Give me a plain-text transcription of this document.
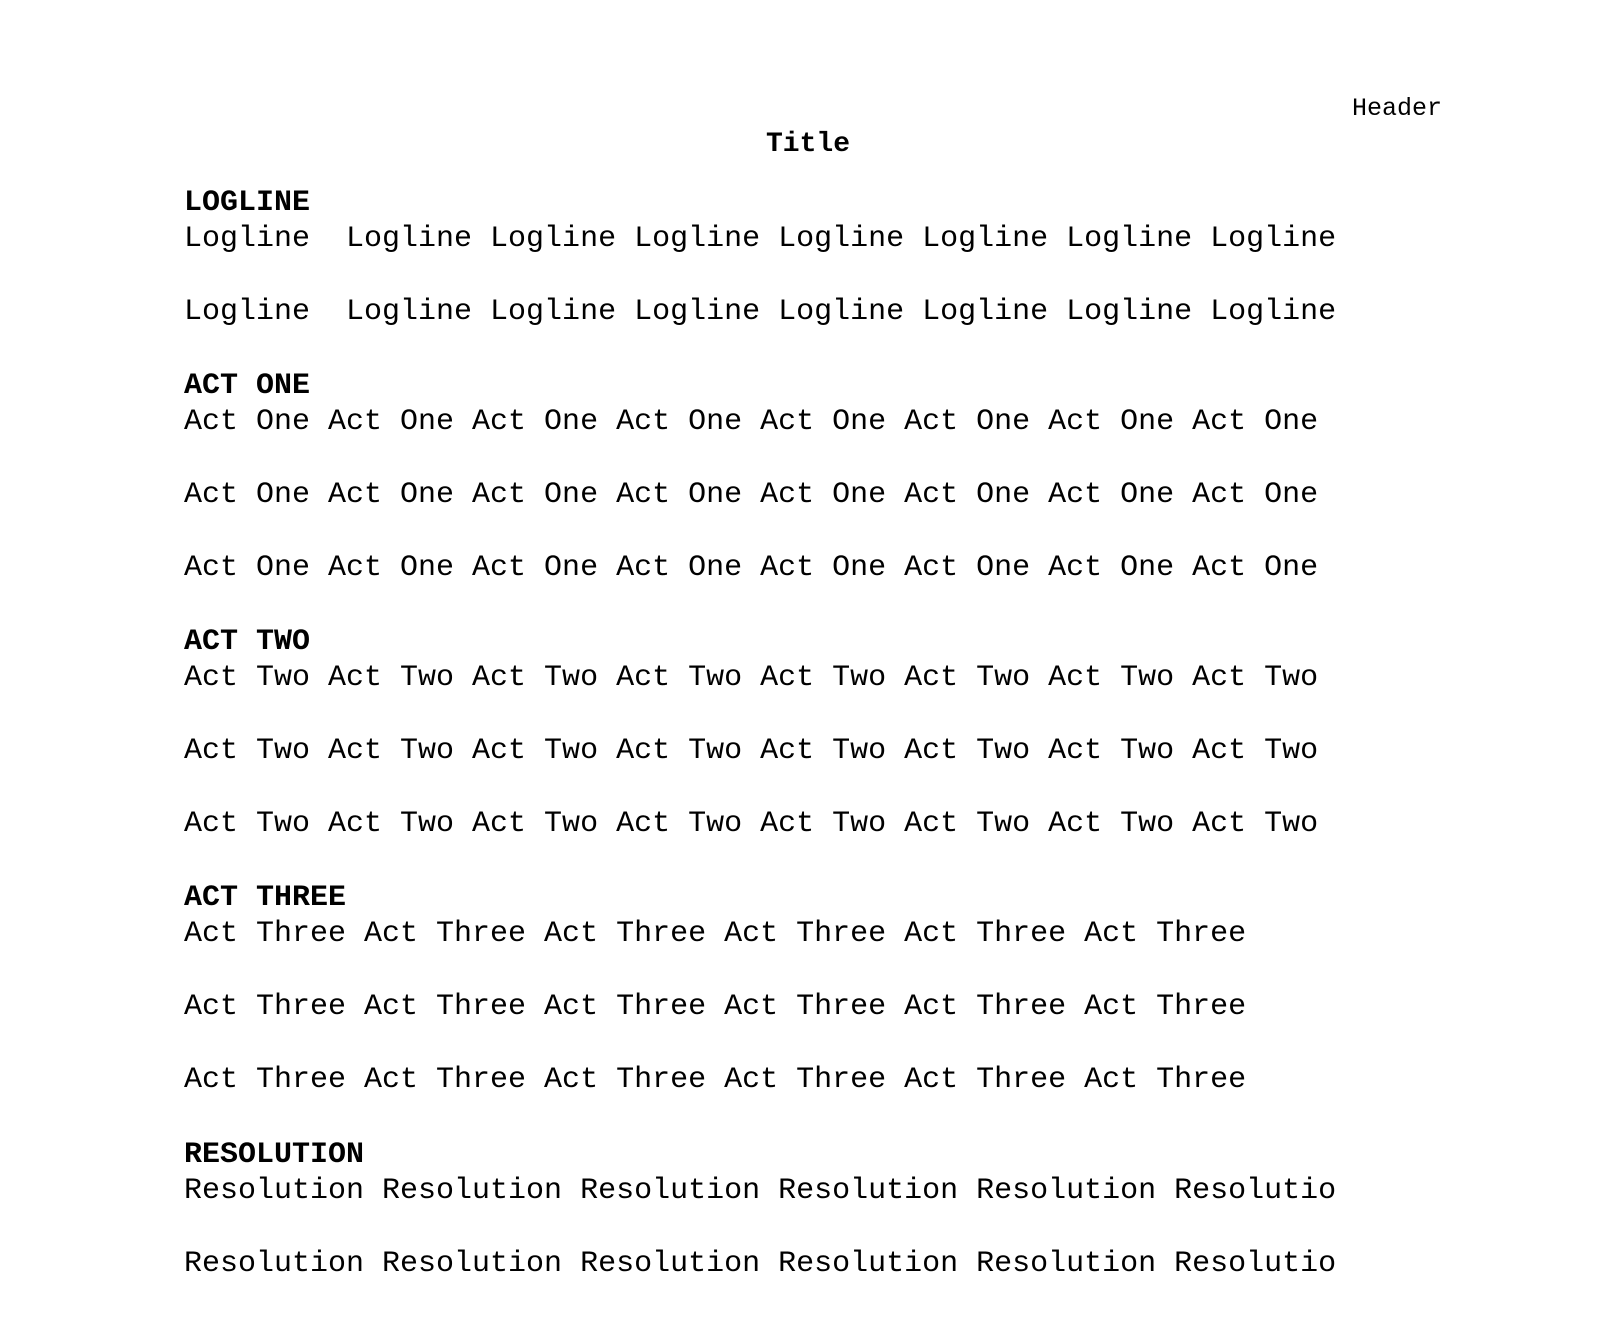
Header
Title
LOGLINE
Logline  Logline Logline Logline Logline Logline Logline Logline
Logline  Logline Logline Logline Logline Logline Logline Logline
ACT ONE
Act One Act One Act One Act One Act One Act One Act One Act One
Act One Act One Act One Act One Act One Act One Act One Act One
Act One Act One Act One Act One Act One Act One Act One Act One
ACT TWO
Act Two Act Two Act Two Act Two Act Two Act Two Act Two Act Two
Act Two Act Two Act Two Act Two Act Two Act Two Act Two Act Two
Act Two Act Two Act Two Act Two Act Two Act Two Act Two Act Two
ACT THREE
Act Three Act Three Act Three Act Three Act Three Act Three
Act Three Act Three Act Three Act Three Act Three Act Three
Act Three Act Three Act Three Act Three Act Three Act Three
RESOLUTION
Resolution Resolution Resolution Resolution Resolution Resolutio
Resolution Resolution Resolution Resolution Resolution Resolutio
